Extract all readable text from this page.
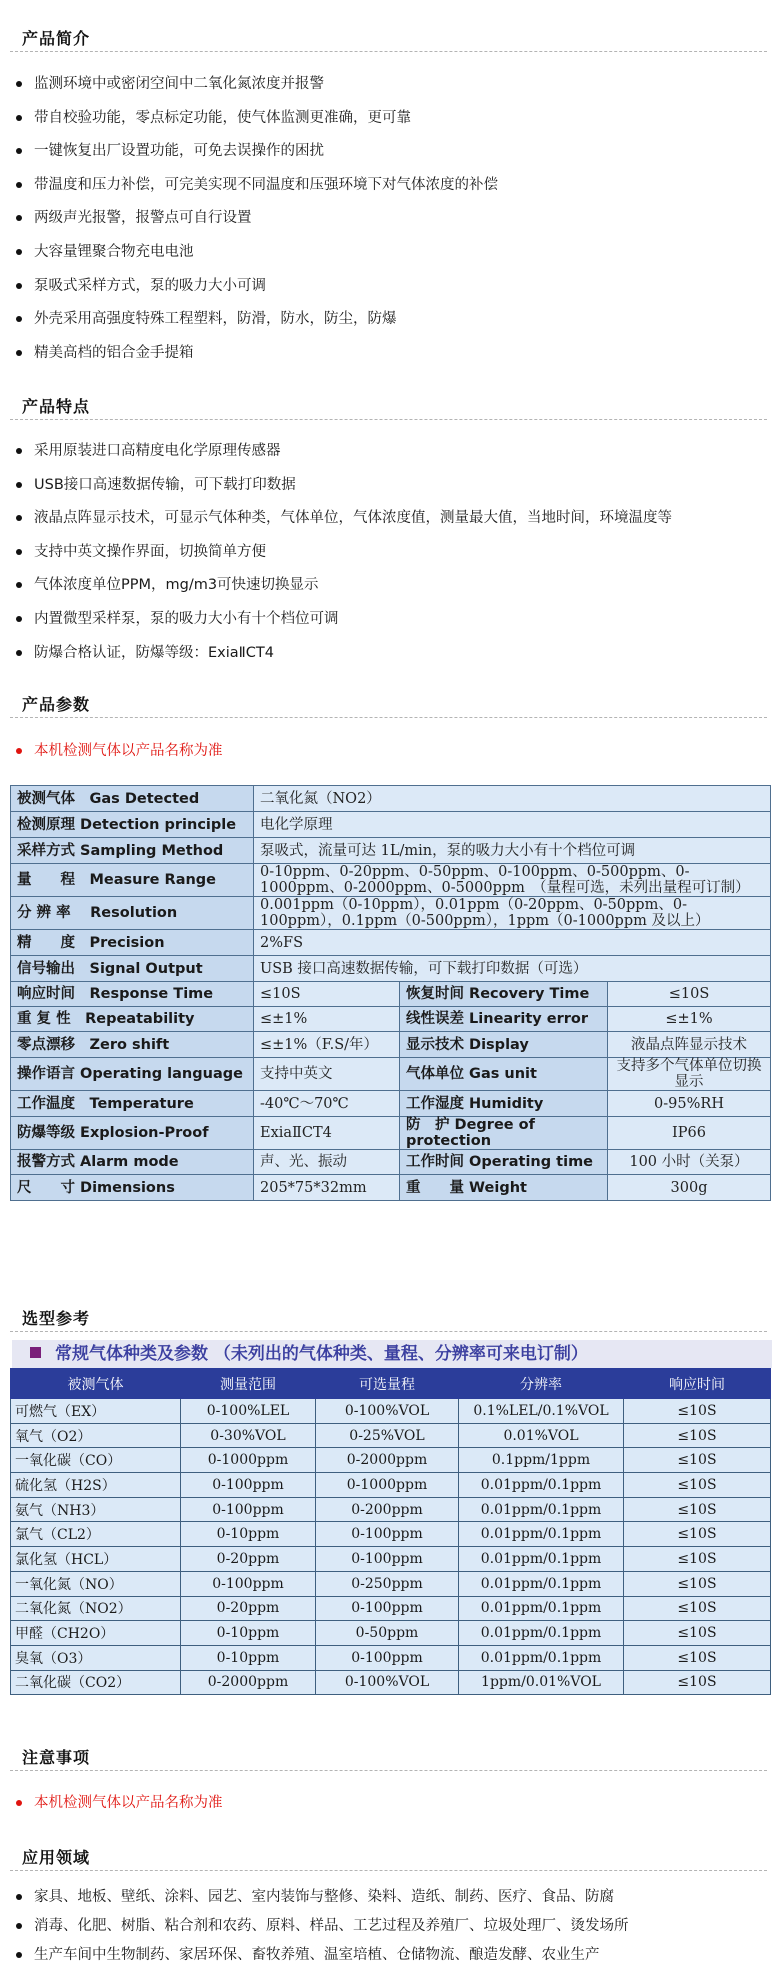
产品简介
监测环境中或密闭空间中二氧化氮浓度并报警
带自校验功能，零点标定功能，使气体监测更准确，更可靠
一键恢复出厂设置功能，可免去误操作的困扰
带温度和压力补偿，可完美实现不同温度和压强环境下对气体浓度的补偿
两级声光报警，报警点可自行设置
大容量锂聚合物充电电池
泵吸式采样方式，泵的吸力大小可调
外壳采用高强度特殊工程塑料，防滑，防水，防尘，防爆
精美高档的铝合金手提箱
产品特点
采用原装进口高精度电化学原理传感器
USB接口高速数据传输，可下载打印数据
液晶点阵显示技术，可显示气体种类，气体单位，气体浓度值，测量最大值，当地时间，环境温度等
支持中英文操作界面，切换简单方便
气体浓度单位PPM，mg/m3可快速切换显示
内置微型采样泵，泵的吸力大小有十个档位可调
防爆合格认证，防爆等级：ExiaⅡCT4
产品参数
本机检测气体以产品名称为准
被测气体　Gas Detected	二氧化氮（NO2）		
检测原理 Detection principle	电化学原理		
采样方式 Sampling Method	泵吸式，流量可达 1L/min，泵的吸力大小有十个档位可调		
量　　程　Measure Range	0-10ppm、0-20ppm、0-50ppm、0-100ppm、0-500ppm、0-1000ppm、0-2000ppm、0-5000ppm　（量程可选，未列出量程可订制）		
分 辨 率　 Resolution	0.001ppm（0-10ppm），0.01ppm（0-20ppm、0-50ppm、0-100ppm），0.1ppm（0-500ppm），1ppm（0-1000ppm 及以上）		
精　　度　Precision	2%FS		
信号输出　Signal Output	USB 接口高速数据传输，可下载打印数据（可选）		
响应时间　Response Time	≤10S	恢复时间 Recovery Time	≤10S
重 复 性　Repeatability	≤±1%	线性误差 Linearity error	≤±1%
零点漂移　Zero shift	≤±1%（F.S/年）	显示技术 Display	液晶点阵显示技术
操作语言 Operating language	支持中英文	气体单位 Gas unit	支持多个气体单位切换显示
工作温度　Temperature	-40℃～70℃	工作湿度 Humidity	0-95%RH
防爆等级 Explosion-Proof	ExiaⅡCT4	防　护 Degree of protection	IP66
报警方式 Alarm mode	声、光、振动	工作时间 Operating time	100 小时（关泵）
尺　　寸 Dimensions	205*75*32mm	重　　量 Weight	300g
选型参考
常规气体种类及参数 （未列出的气体种类、量程、分辨率可来电订制）
被测气体	测量范围	可选量程	分辨率	响应时间
可燃气（EX）	0-100%LEL	0-100%VOL	0.1%LEL/0.1%VOL	≤10S
氧气（O2）	0-30%VOL	0-25%VOL	0.01%VOL	≤10S
一氧化碳（CO）	0-1000ppm	0-2000ppm	0.1ppm/1ppm	≤10S
硫化氢（H2S）	0-100ppm	0-1000ppm	0.01ppm/0.1ppm	≤10S
氨气（NH3）	0-100ppm	0-200ppm	0.01ppm/0.1ppm	≤10S
氯气（CL2）	0-10ppm	0-100ppm	0.01ppm/0.1ppm	≤10S
氯化氢（HCL）	0-20ppm	0-100ppm	0.01ppm/0.1ppm	≤10S
一氧化氮（NO）	0-100ppm	0-250ppm	0.01ppm/0.1ppm	≤10S
二氧化氮（NO2）	0-20ppm	0-100ppm	0.01ppm/0.1ppm	≤10S
甲醛（CH2O）	0-10ppm	0-50ppm	0.01ppm/0.1ppm	≤10S
臭氧（O3）	0-10ppm	0-100ppm	0.01ppm/0.1ppm	≤10S
二氧化碳（CO2）	0-2000ppm	0-100%VOL	1ppm/0.01%VOL	≤10S
注意事项
本机检测气体以产品名称为准
应用领域
家具、地板、壁纸、涂料、园艺、室内装饰与整修、染料、造纸、制药、医疗、食品、防腐
消毒、化肥、树脂、粘合剂和农药、原料、样品、工艺过程及养殖厂、垃圾处理厂、烫发场所
生产车间中生物制药、家居环保、畜牧养殖、温室培植、仓储物流、酿造发酵、农业生产
